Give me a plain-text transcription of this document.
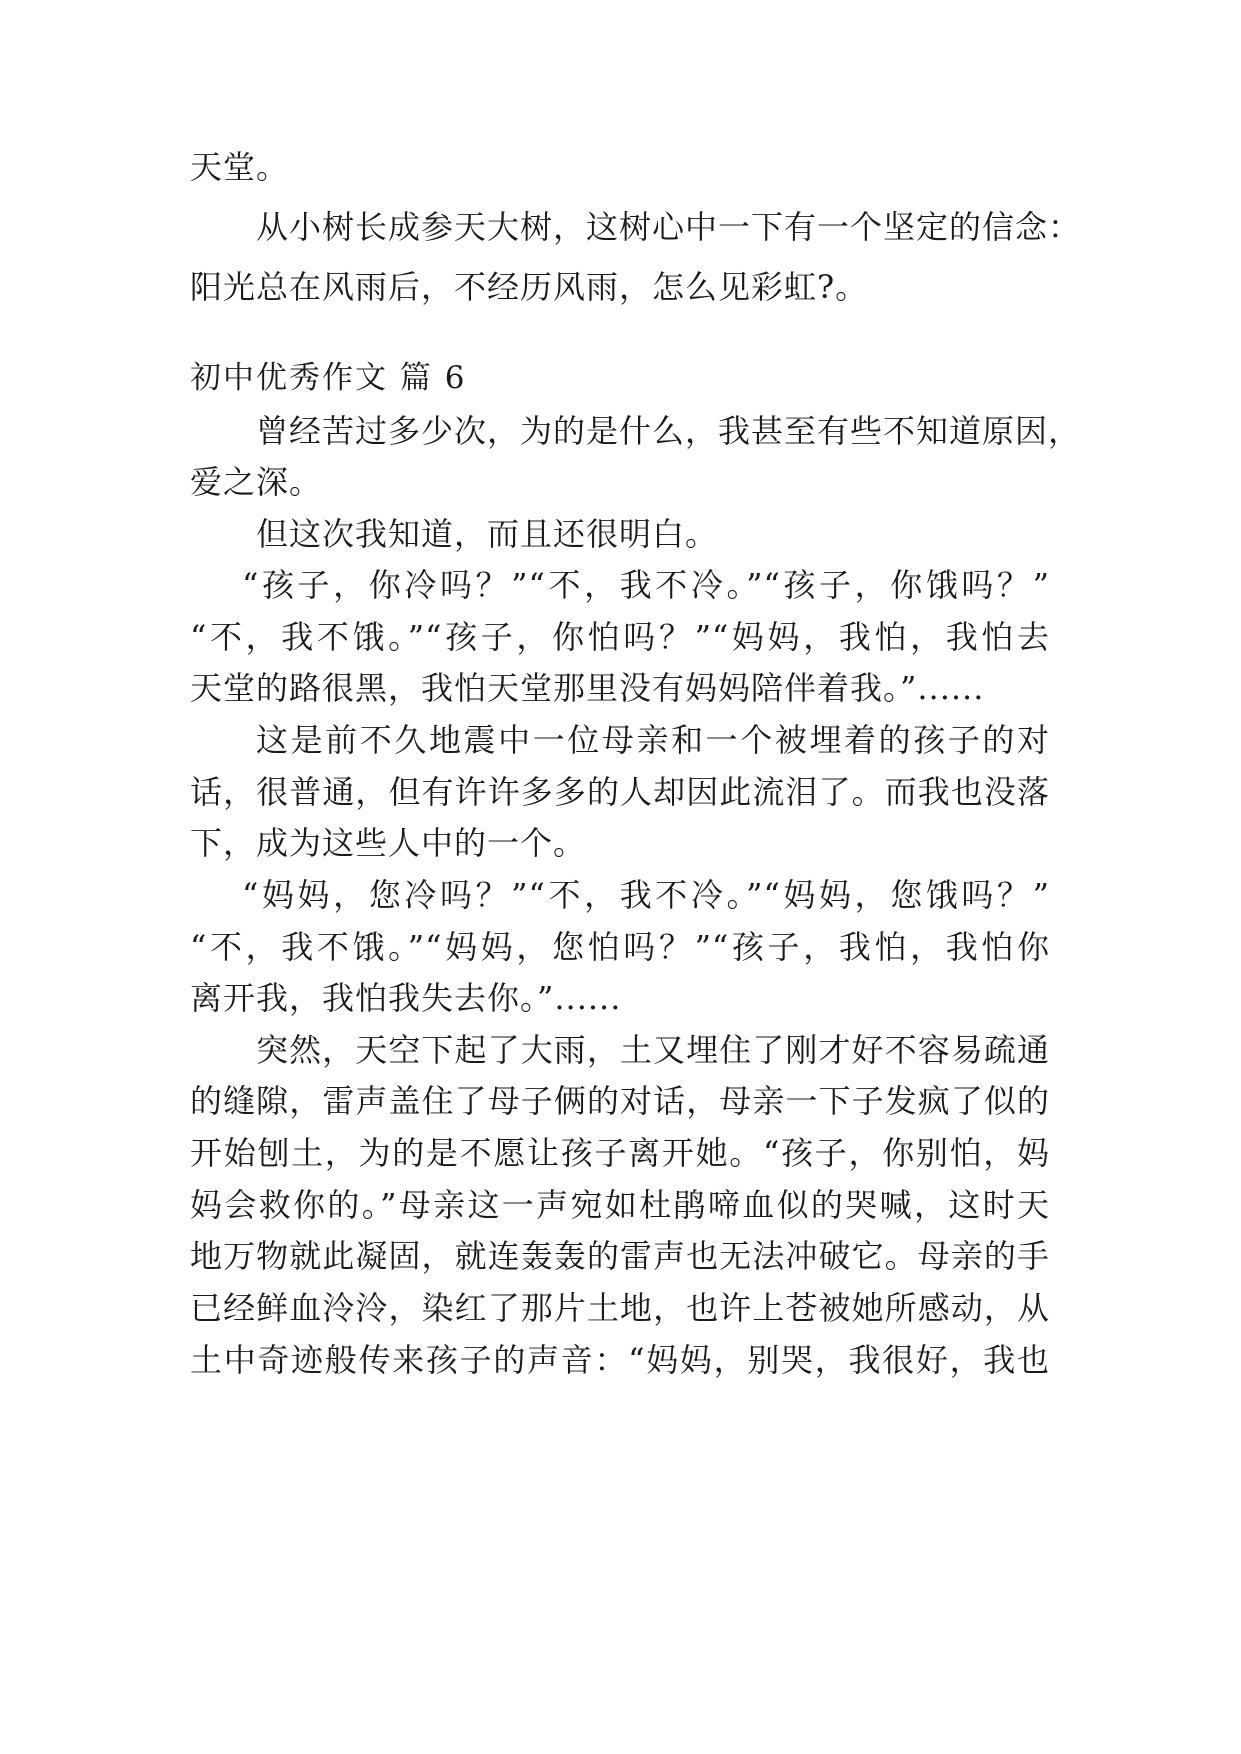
天堂。
从小树长成参天大树，这树心中一下有一个坚定的信念：
阳光总在风雨后，不经历风雨，怎么见彩虹?。
初中优秀作文 篇 6
曾经苦过多少次，为的是什么，我甚至有些不知道原因，
爱之深。
但这次我知道，而且还很明白。
“孩子，你冷吗？”“不，我不冷。”“孩子，你饿吗？”
“不，我不饿。”“孩子，你怕吗？”“妈妈，我怕，我怕去
天堂的路很黑，我怕天堂那里没有妈妈陪伴着我。”......
这是前不久地震中一位母亲和一个被埋着的孩子的对
话，很普通，但有许许多多的人却因此流泪了。而我也没落
下，成为这些人中的一个。
“妈妈，您冷吗？”“不，我不冷。”“妈妈，您饿吗？”
“不，我不饿。”“妈妈，您怕吗？”“孩子，我怕，我怕你
离开我，我怕我失去你。”......
突然，天空下起了大雨，土又埋住了刚才好不容易疏通
的缝隙，雷声盖住了母子俩的对话，母亲一下子发疯了似的
开始刨土，为的是不愿让孩子离开她。“孩子，你别怕，妈
妈会救你的。”母亲这一声宛如杜鹃啼血似的哭喊，这时天
地万物就此凝固，就连轰轰的雷声也无法冲破它。母亲的手
已经鲜血泠泠，染红了那片土地，也许上苍被她所感动，从
土中奇迹般传来孩子的声音：“妈妈，别哭，我很好，我也
